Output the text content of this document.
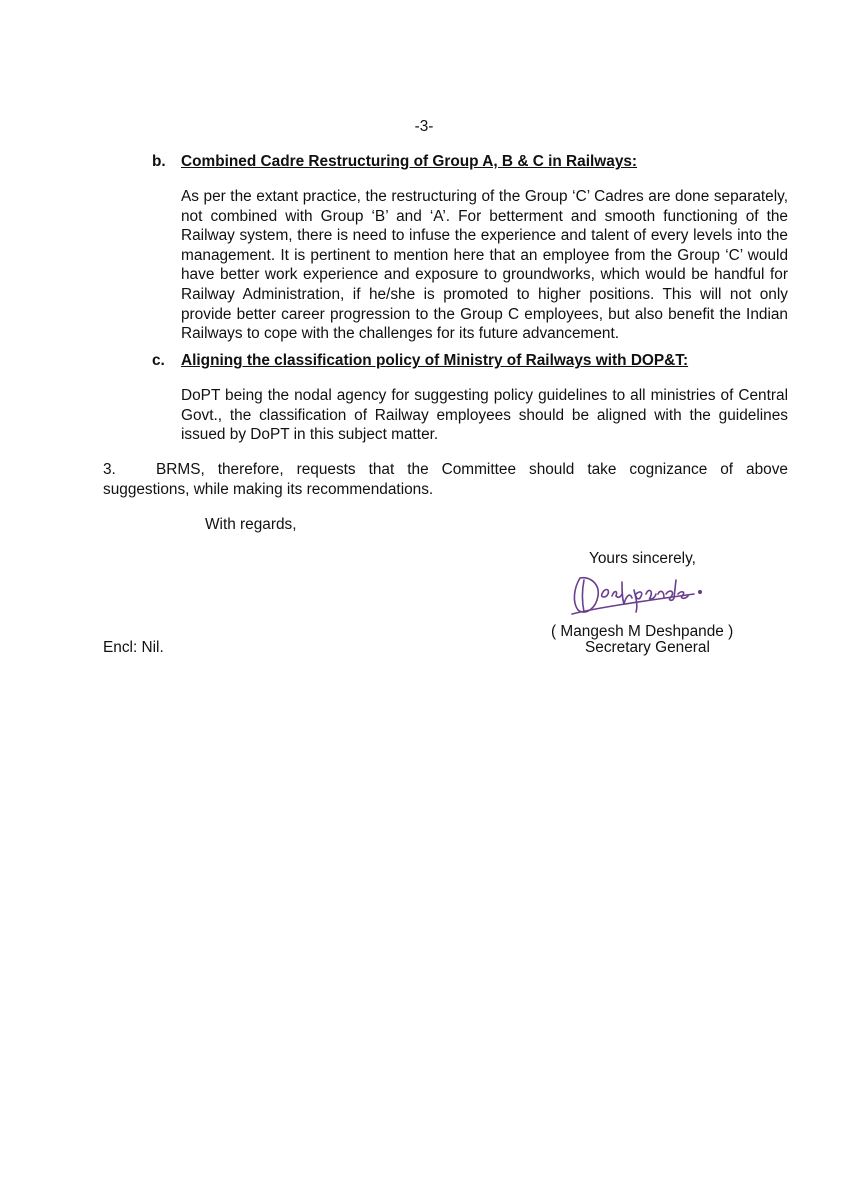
-3-
b. Combined Cadre Restructuring of Group A, B & C in Railways:
As per the extant practice, the restructuring of the Group ‘C’ Cadres are done separately, not combined with Group ‘B’ and ‘A’. For betterment and smooth functioning of the Railway system, there is need to infuse the experience and talent of every levels into the management. It is pertinent to mention here that an employee from the Group ‘C’ would have better work experience and exposure to groundworks, which would be handful for Railway Administration, if he/she is promoted to higher positions. This will not only provide better career progression to the Group C employees, but also benefit the Indian Railways to cope with the challenges for its future advancement.
c. Aligning the classification policy of Ministry of Railways with DOP&T:
DoPT being the nodal agency for suggesting policy guidelines to all ministries of Central Govt., the classification of Railway employees should be aligned with the guidelines issued by DoPT in this subject matter.
3.	BRMS, therefore, requests that the Committee should take cognizance of above suggestions, while making its recommendations.
With regards,
Yours sincerely,
( Mangesh M Deshpande )
Encl: Nil.	Secretary General
